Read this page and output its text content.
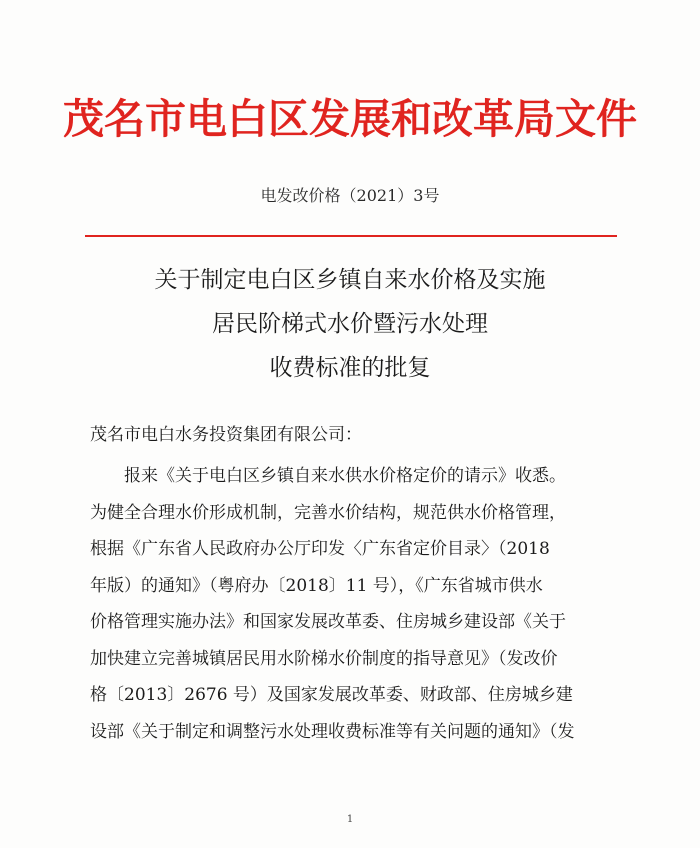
茂名市电白区发展和改革局文件
电发改价格（2021）3号
关于制定电白区乡镇自来水价格及实施
居民阶梯式水价暨污水处理
收费标准的批复
茂名市电白水务投资集团有限公司：
报来《关于电白区乡镇自来水供水价格定价的请示》收悉。
为健全合理水价形成机制，完善水价结构，规范供水价格管理，
根据《广东省人民政府办公厅印发〈广东省定价目录〉（2018
年版）的通知》（粤府办〔2018〕11 号），《广东省城市供水
价格管理实施办法》和国家发展改革委、住房城乡建设部《关于
加快建立完善城镇居民用水阶梯水价制度的指导意见》（发改价
格〔2013〕2676 号）及国家发展改革委、财政部、住房城乡建
设部《关于制定和调整污水处理收费标准等有关问题的通知》（发
1
